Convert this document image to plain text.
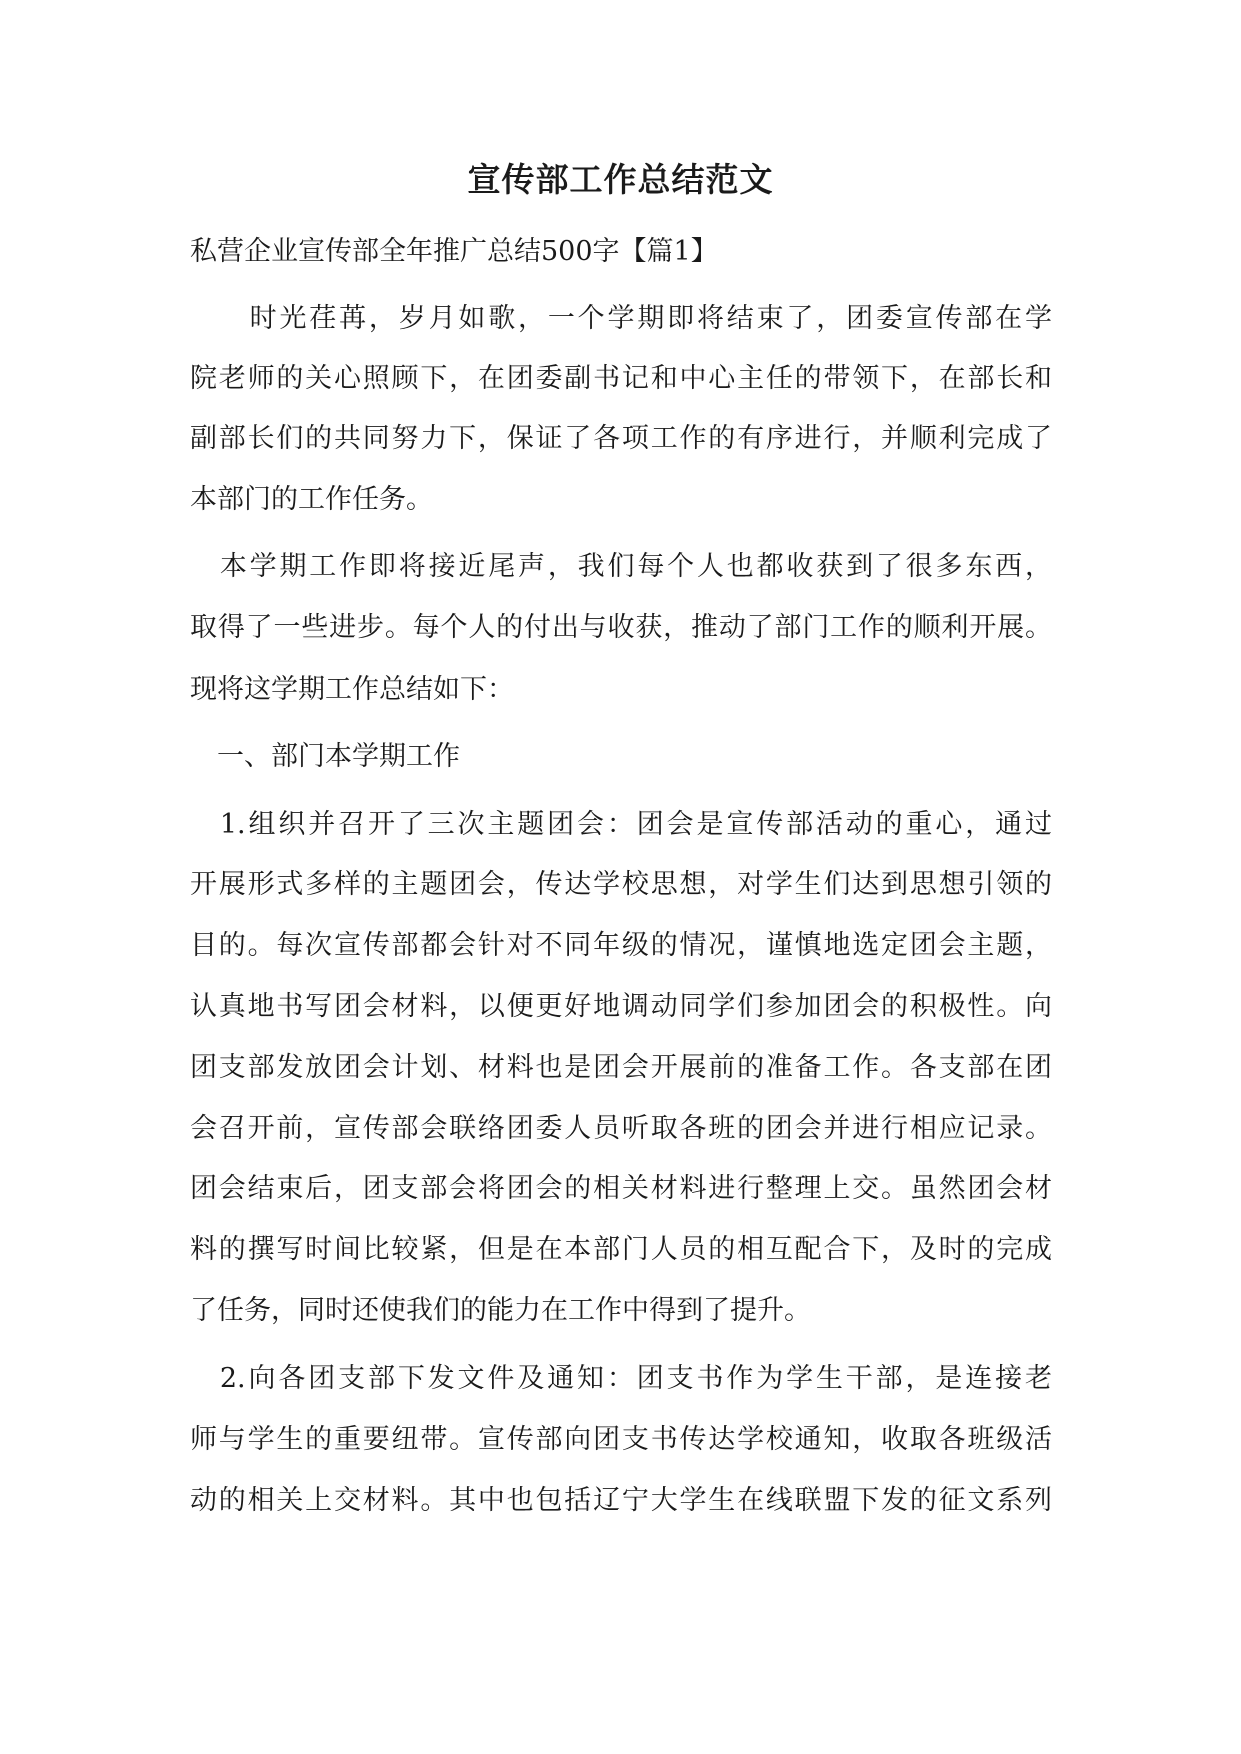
宣传部工作总结范文
私营企业宣传部全年推广总结500字【篇1】
　　时光荏苒，岁月如歌，一个学期即将结束了，团委宣传部在学
院老师的关心照顾下，在团委副书记和中心主任的带领下，在部长和
副部长们的共同努力下，保证了各项工作的有序进行，并顺利完成了
本部门的工作任务。
　本学期工作即将接近尾声，我们每个人也都收获到了很多东西，
取得了一些进步。每个人的付出与收获，推动了部门工作的顺利开展。
现将这学期工作总结如下：
　一、部门本学期工作
　1.组织并召开了三次主题团会：团会是宣传部活动的重心，通过
开展形式多样的主题团会，传达学校思想，对学生们达到思想引领的
目的。每次宣传部都会针对不同年级的情况，谨慎地选定团会主题，
认真地书写团会材料，以便更好地调动同学们参加团会的积极性。向
团支部发放团会计划、材料也是团会开展前的准备工作。各支部在团
会召开前，宣传部会联络团委人员听取各班的团会并进行相应记录。
团会结束后，团支部会将团会的相关材料进行整理上交。虽然团会材
料的撰写时间比较紧，但是在本部门人员的相互配合下，及时的完成
了任务，同时还使我们的能力在工作中得到了提升。
　2.向各团支部下发文件及通知：团支书作为学生干部，是连接老
师与学生的重要纽带。宣传部向团支书传达学校通知，收取各班级活
动的相关上交材料。其中也包括辽宁大学生在线联盟下发的征文系列
